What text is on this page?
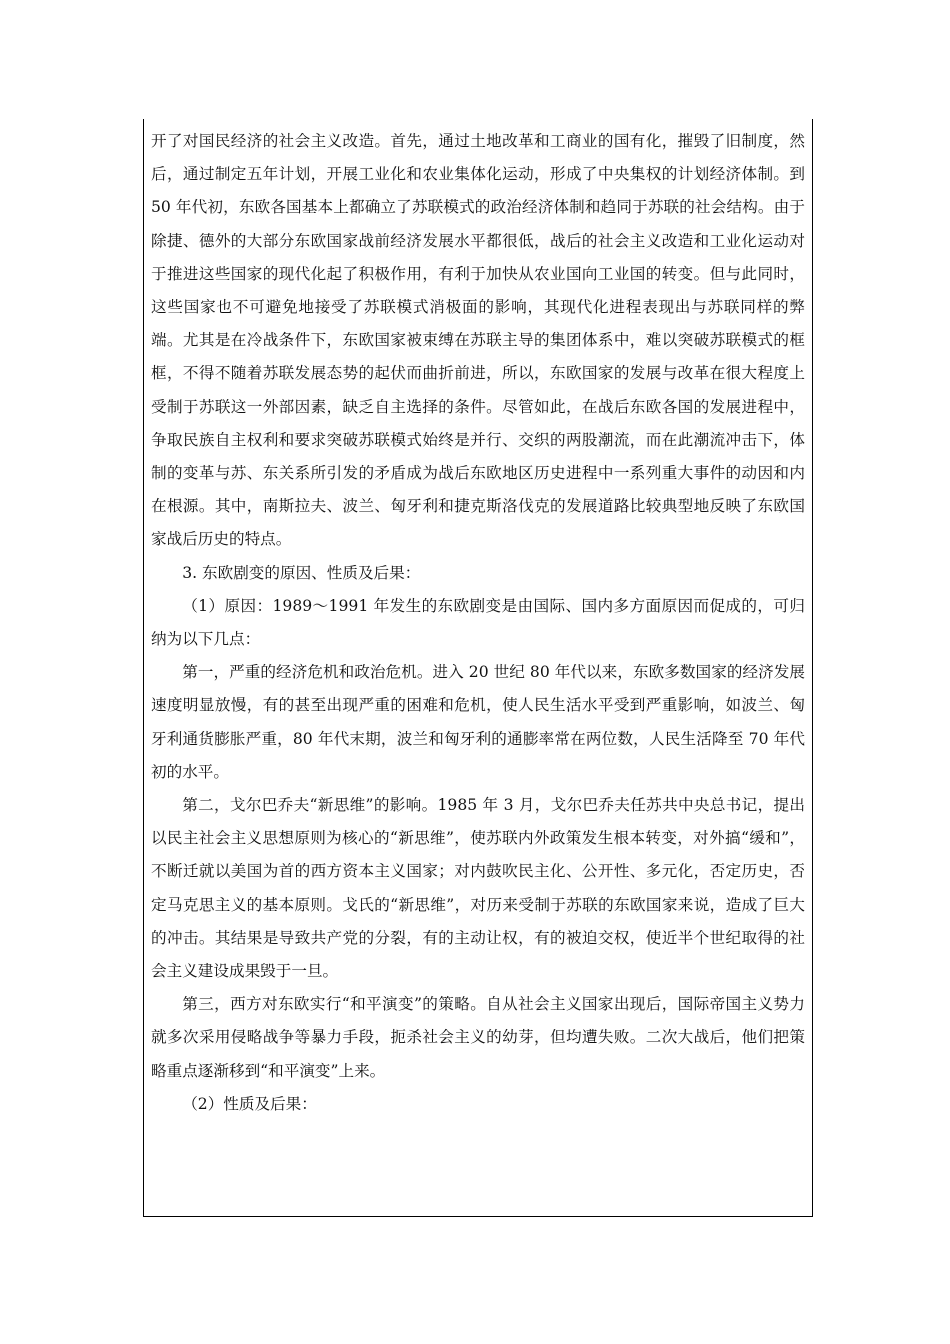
开了对国民经济的社会主义改造。首先，通过土地改革和工商业的国有化，摧毁了旧制度，然后，通过制定五年计划，开展工业化和农业集体化运动，形成了中央集权的计划经济体制。到 50 年代初，东欧各国基本上都确立了苏联模式的政治经济体制和趋同于苏联的社会结构。由于除捷、德外的大部分东欧国家战前经济发展水平都很低，战后的社会主义改造和工业化运动对于推进这些国家的现代化起了积极作用，有利于加快从农业国向工业国的转变。但与此同时，这些国家也不可避免地接受了苏联模式消极面的影响，其现代化进程表现出与苏联同样的弊端。尤其是在冷战条件下，东欧国家被束缚在苏联主导的集团体系中，难以突破苏联模式的框框，不得不随着苏联发展态势的起伏而曲折前进，所以，东欧国家的发展与改革在很大程度上受制于苏联这一外部因素，缺乏自主选择的条件。尽管如此，在战后东欧各国的发展进程中，争取民族自主权利和要求突破苏联模式始终是并行、交织的两股潮流，而在此潮流冲击下，体制的变革与苏、东关系所引发的矛盾成为战后东欧地区历史进程中一系列重大事件的动因和内在根源。其中，南斯拉夫、波兰、匈牙利和捷克斯洛伐克的发展道路比较典型地反映了东欧国家战后历史的特点。

3. 东欧剧变的原因、性质及后果：

（1）原因：1989～1991 年发生的东欧剧变是由国际、国内多方面原因而促成的，可归纳为以下几点：

第一，严重的经济危机和政治危机。进入 20 世纪 80 年代以来，东欧多数国家的经济发展速度明显放慢，有的甚至出现严重的困难和危机，使人民生活水平受到严重影响，如波兰、匈牙利通货膨胀严重，80 年代末期，波兰和匈牙利的通膨率常在两位数，人民生活降至 70 年代初的水平。

第二，戈尔巴乔夫“新思维”的影响。1985 年 3 月，戈尔巴乔夫任苏共中央总书记，提出以民主社会主义思想原则为核心的“新思维”，使苏联内外政策发生根本转变，对外搞“缓和”，不断迁就以美国为首的西方资本主义国家；对内鼓吹民主化、公开性、多元化，否定历史，否定马克思主义的基本原则。戈氏的“新思维”，对历来受制于苏联的东欧国家来说，造成了巨大的冲击。其结果是导致共产党的分裂，有的主动让权，有的被迫交权，使近半个世纪取得的社会主义建设成果毁于一旦。

第三，西方对东欧实行“和平演变”的策略。自从社会主义国家出现后，国际帝国主义势力就多次采用侵略战争等暴力手段，扼杀社会主义的幼芽，但均遭失败。二次大战后，他们把策略重点逐渐移到“和平演变”上来。

（2）性质及后果：
